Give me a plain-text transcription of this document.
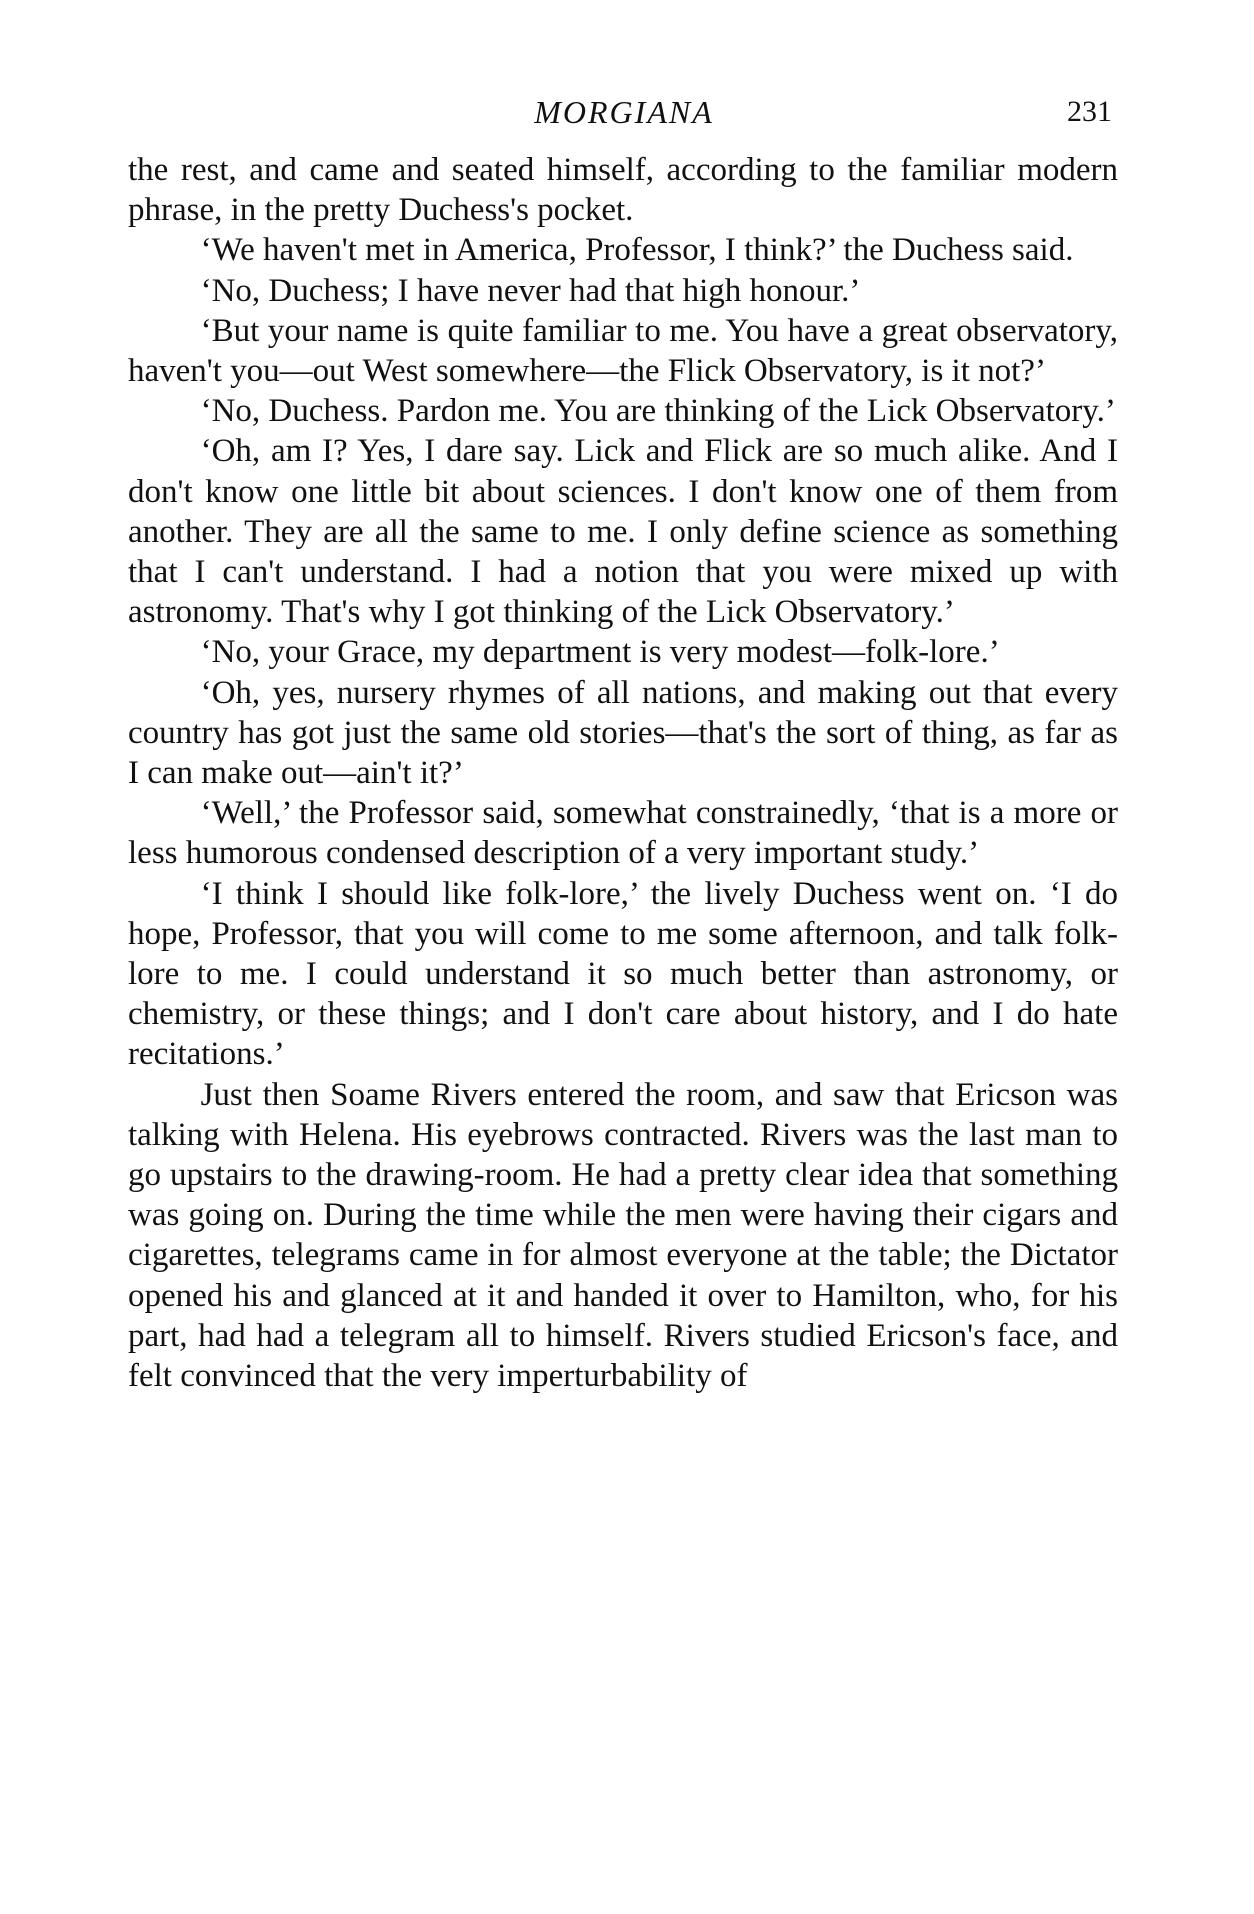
MORGIANA	231

the rest, and came and seated himself, according to the familiar modern phrase, in the pretty Duchess's pocket.

‘We haven't met in America, Professor, I think?’ the Duchess said.

‘No, Duchess; I have never had that high honour.’

‘But your name is quite familiar to me. You have a great observatory, haven't you—out West somewhere—the Flick Observatory, is it not?’

‘No, Duchess. Pardon me. You are thinking of the Lick Observatory.’

‘Oh, am I? Yes, I dare say. Lick and Flick are so much alike. And I don't know one little bit about sciences. I don't know one of them from another. They are all the same to me. I only define science as something that I can't understand. I had a notion that you were mixed up with astronomy. That's why I got thinking of the Lick Observatory.’

‘No, your Grace, my department is very modest—folk-lore.’

‘Oh, yes, nursery rhymes of all nations, and making out that every country has got just the same old stories—that's the sort of thing, as far as I can make out—ain't it?’

‘Well,’ the Professor said, somewhat constrainedly, ‘that is a more or less humorous condensed description of a very important study.’

‘I think I should like folk-lore,’ the lively Duchess went on. ‘I do hope, Professor, that you will come to me some afternoon, and talk folk-lore to me. I could understand it so much better than astronomy, or chemistry, or these things; and I don't care about history, and I do hate recitations.’

Just then Soame Rivers entered the room, and saw that Ericson was talking with Helena. His eyebrows contracted. Rivers was the last man to go upstairs to the drawing-room. He had a pretty clear idea that something was going on. During the time while the men were having their cigars and cigarettes, telegrams came in for almost everyone at the table; the Dictator opened his and glanced at it and handed it over to Hamilton, who, for his part, had had a telegram all to himself. Rivers studied Ericson's face, and felt convinced that the very imperturbability of
